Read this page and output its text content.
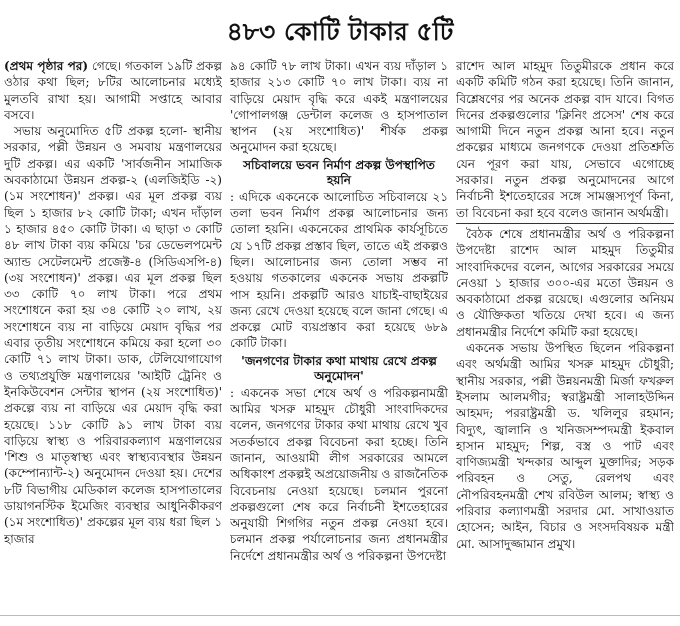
৪৮৩ কোটি টাকার ৫টি

(প্রথম পৃষ্ঠার পর) গেছে। গতকাল ১৯টি প্রকল্প ওঠার কথা ছিল; ৮টির আলোচনার মধ্যেই মুলতবি রাখা হয়। আগামী সপ্তাহে আবার বসবে।

সভায় অনুমোদিত ৫টি প্রকল্প হলো- স্থানীয় সরকার, পল্লী উন্নয়ন ও সমবায় মন্ত্রণালয়ের দুটি প্রকল্প। এর একটি 'সার্বজনীন সামাজিক অবকাঠামো উন্নয়ন প্রকল্প-২ (এলজিইডি -২) (১ম সংশোধন)' প্রকল্প। এর মূল প্রকল্প ব্যয় ছিল ১ হাজার ৮২ কোটি টাকা; এখন দাঁড়াল ১ হাজার ৪৫০ কোটি টাকা। এ ছাড়া ৩ কোটি ৪৮ লাখ টাকা ব্যয় কমিয়ে 'চর ডেভেলপমেন্ট অ্যান্ড সেটেলমেন্ট প্রজেক্ট-৪ (সিডিএসপি-৪) (৩য় সংশোধন)' প্রকল্প। এর মূল প্রকল্প ছিল ৩৩ কোটি ৭০ লাখ টাকা। পরে প্রথম সংশোধনে করা হয় ৩৪ কোটি ২০ লাখ, ২য় সংশোধনে ব্যয় না বাড়িয়ে মেয়াদ বৃদ্ধির পর এবার তৃতীয় সংশোধনে কমিয়ে করা হলো ৩০ কোটি ৭১ লাখ টাকা। ডাক, টেলিযোগাযোগ ও তথ্যপ্রযুক্তি মন্ত্রণালয়ের 'আইটি ট্রেনিং ও ইনকিউবেশন সেন্টার স্থাপন (২য় সংশোধিত)' প্রকল্পে ব্যয় না বাড়িয়ে এর মেয়াদ বৃদ্ধি করা হয়েছে। ১১৮ কোটি ৯১ লাখ টাকা ব্যয় বাড়িয়ে স্বাস্থ্য ও পরিবারকল্যাণ মন্ত্রণালয়ের 'শিশু ও মাতৃস্বাস্থ্য এবং স্বাস্থ্যব্যবস্থার উন্নয়ন (কম্পোন্যান্ট-২) অনুমোদন দেওয়া হয়। দেশের ৮টি বিভাগীয় মেডিকাল কলেজ হাসপাতালের ডায়াগনস্টিক ইমেজিং ব্যবস্থার আধুনিকীকরণ (১ম সংশোধিত)' প্রকল্পের মূল ব্যয় ধরা ছিল ১ হাজার

৯৪ কোটি ৭৮ লাখ টাকা। এখন ব্যয় দাঁড়াল ১ হাজার ২১৩ কোটি ৭০ লাখ টাকা। ব্যয় না বাড়িয়ে মেয়াদ বৃদ্ধি করে একই মন্ত্রণালয়ের 'গোপালগঞ্জ ডেন্টাল কলেজ ও হাসপাতাল স্থাপন (২য় সংশোধিত)' শীর্ষক প্রকল্প অনুমোদন করা হয়েছে।

সচিবালয়ে ভবন নির্মাণ প্রকল্প উপস্থাপিত হয়নি

: এদিকে একনেকে আলোচিত সচিবালয়ে ২১ তলা ভবন নির্মাণ প্রকল্প আলোচনার জন্য তোলা হয়নি। একনেকের প্রাথমিক কার্যসূচিতে যে ১৭টি প্রকল্প প্রস্তাব ছিল, তাতে এই প্রকল্পও ছিল। আলোচনার জন্য তোলা সম্ভব না হওয়ায় গতকালের একনেক সভায় প্রকল্পটি পাস হয়নি। প্রকল্পটি আরও যাচাই-বাছাইয়ের জন্য রেখে দেওয়া হয়েছে বলে জানা গেছে। এ প্রকল্পে মোট ব্যয়প্রস্তাব করা হয়েছে ৬৮৯ কোটি টাকা।

'জনগণের টাকার কথা মাথায় রেখে প্রকল্প অনুমোদন'

: একনেক সভা শেষে অর্থ ও পরিকল্পনামন্ত্রী আমির খসরু মাহমুদ চৌধুরী সাংবাদিকদের বলেন, জনগণের টাকার কথা মাথায় রেখে খুব সতর্কভাবে প্রকল্প বিবেচনা করা হচ্ছে। তিনি জানান, আওয়ামী লীগ সরকারের আমলে অধিকাংশ প্রকল্পই অপ্রয়োজনীয় ও রাজনৈতিক বিবেচনায় নেওয়া হয়েছে। চলমান পুরনো প্রকল্পগুলো শেষ করে নির্বাচনী ইশতেহারের অনুযায়ী শিগগির নতুন প্রকল্প নেওয়া হবে। চলমান প্রকল্প পর্যালোচনার জন্য প্রধানমন্ত্রীর নির্দেশে প্রধানমন্ত্রীর অর্থ ও পরিকল্পনা উপদেষ্টা

রাশেদ আল মাহমুদ তিতুমীরকে প্রধান করে একটি কমিটি গঠন করা হয়েছে। তিনি জানান, বিশ্লেষণের পর অনেক প্রকল্প বাদ যাবে। বিগত দিনের প্রকল্পগুলোর 'ক্লিনিং প্রসেস' শেষ করে আগামী দিনে নতুন প্রকল্প আনা হবে। নতুন প্রকল্পের মাধ্যমে জনগণকে দেওয়া প্রতিশ্রুতি যেন পূরণ করা যায়, সেভাবে এগোচ্ছে সরকার। নতুন প্রকল্প অনুমোদনের আগে নির্বাচনী ইশতেহারের সঙ্গে সামঞ্জস্যপূর্ণ কিনা, তা বিবেচনা করা হবে বলেও জানান অর্থমন্ত্রী।

বৈঠক শেষে প্রধানমন্ত্রীর অর্থ ও পরিকল্পনা উপদেষ্টা রাশেদ আল মাহমুদ তিতুমীর সাংবাদিকদের বলেন, আগের সরকারের সময়ে নেওয়া ১ হাজার ৩০০-এর মতো উন্নয়ন ও অবকাঠামো প্রকল্প রয়েছে। এগুলোর অনিয়ম ও যৌক্তিকতা খতিয়ে দেখা হবে। এ জন্য প্রধানমন্ত্রীর নির্দেশে কমিটি করা হয়েছে।

একনেক সভায় উপস্থিত ছিলেন পরিকল্পনা এবং অর্থমন্ত্রী আমির খসরু মাহমুদ চৌধুরী; স্থানীয় সরকার, পল্লী উন্নয়নমন্ত্রী মির্জা ফখরুল ইসলাম আলমগীর; স্বরাষ্ট্রমন্ত্রী সালাহউদ্দিন আহমদ; পররাষ্ট্রমন্ত্রী ড. খলিলুর রহমান; বিদ্যুৎ, জ্বালানি ও খনিজসম্পদমন্ত্রী ইকবাল হাসান মাহমুদ; শিল্প, বস্ত্র ও পাট এবং বাণিজ্যমন্ত্রী খন্দকার আব্দুল মুক্তাদির; সড়ক পরিবহন ও সেতু, রেলপথ এবং নৌপরিবহনমন্ত্রী শেখ রবিউল আলম; স্বাস্থ্য ও পরিবার কল্যাণমন্ত্রী সরদার মো. সাখাওয়াত হোসেন; আইন, বিচার ও সংসদবিষয়ক মন্ত্রী মো. আসাদুজ্জামান প্রমুখ।
